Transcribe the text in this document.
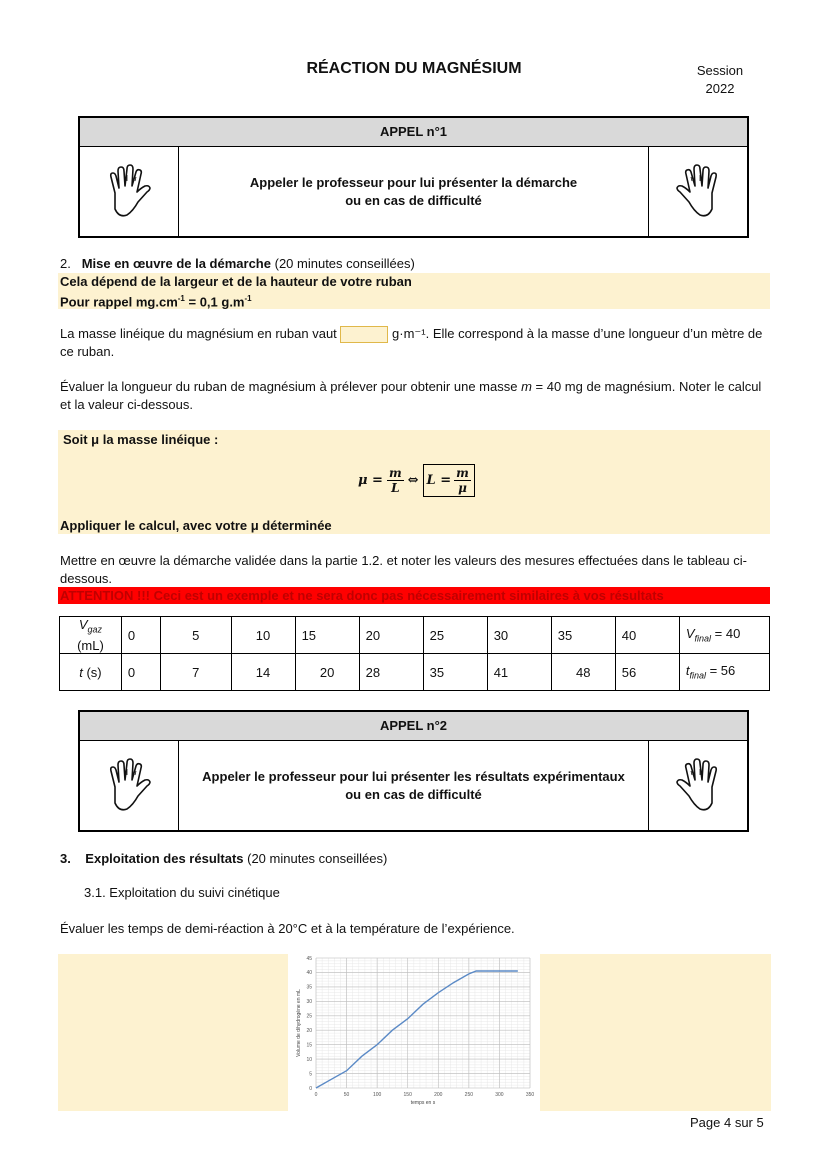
RÉACTION DU MAGNÉSIUM	Session
2022
APPEL n°1
Appeler le professeur pour lui présenter la démarche
ou en cas de difficulté
2. Mise en œuvre de la démarche (20 minutes conseillées)
Cela dépend de la largeur et de la hauteur de votre ruban
Pour rappel $mg.cm^{-1} = 0,1$ $g.m^{-1}$
La masse linéique du magnésium en ruban vaut	g·m⁻¹. Elle correspond à la masse d’une longueur d’un mètre de ce ruban.
Évaluer la longueur du ruban de magnésium à prélever pour obtenir une masse m = 40 mg de magnésium. Noter le calcul et la valeur ci-dessous.
Soit μ la masse linéique :
$\mu = \frac{m}{L}$ ⇔ $L = \frac{m}{\mu}$
Appliquer le calcul, avec votre μ déterminée
Mettre en œuvre la démarche validée dans la partie 1.2. et noter les valeurs des mesures effectuées dans le tableau ci-dessous.
ATTENTION !!! Ceci est un exemple et ne sera donc pas nécessairement similaires à vos résultats
$V_{gaz}$
(mL)	0	5	10	15	20	25	30	35	40	$V_{final} = 40$
t (s)	0	7	14	20	28	35	41	48	56	$t_{final} = 56$
APPEL n°2
Appeler le professeur pour lui présenter les résultats expérimentaux
ou en cas de difficulté
3. Exploitation des résultats (20 minutes conseillées)
3.1. Exploitation du suivi cinétique
Évaluer les temps de demi-réaction à 20°C et à la température de l’expérience.
0	50	100	150	200	250	300	350
0
5
10
15
20
25
30
35
40
45
temps en s
Volume de dihydrogène en mL
Page 4 sur 5
